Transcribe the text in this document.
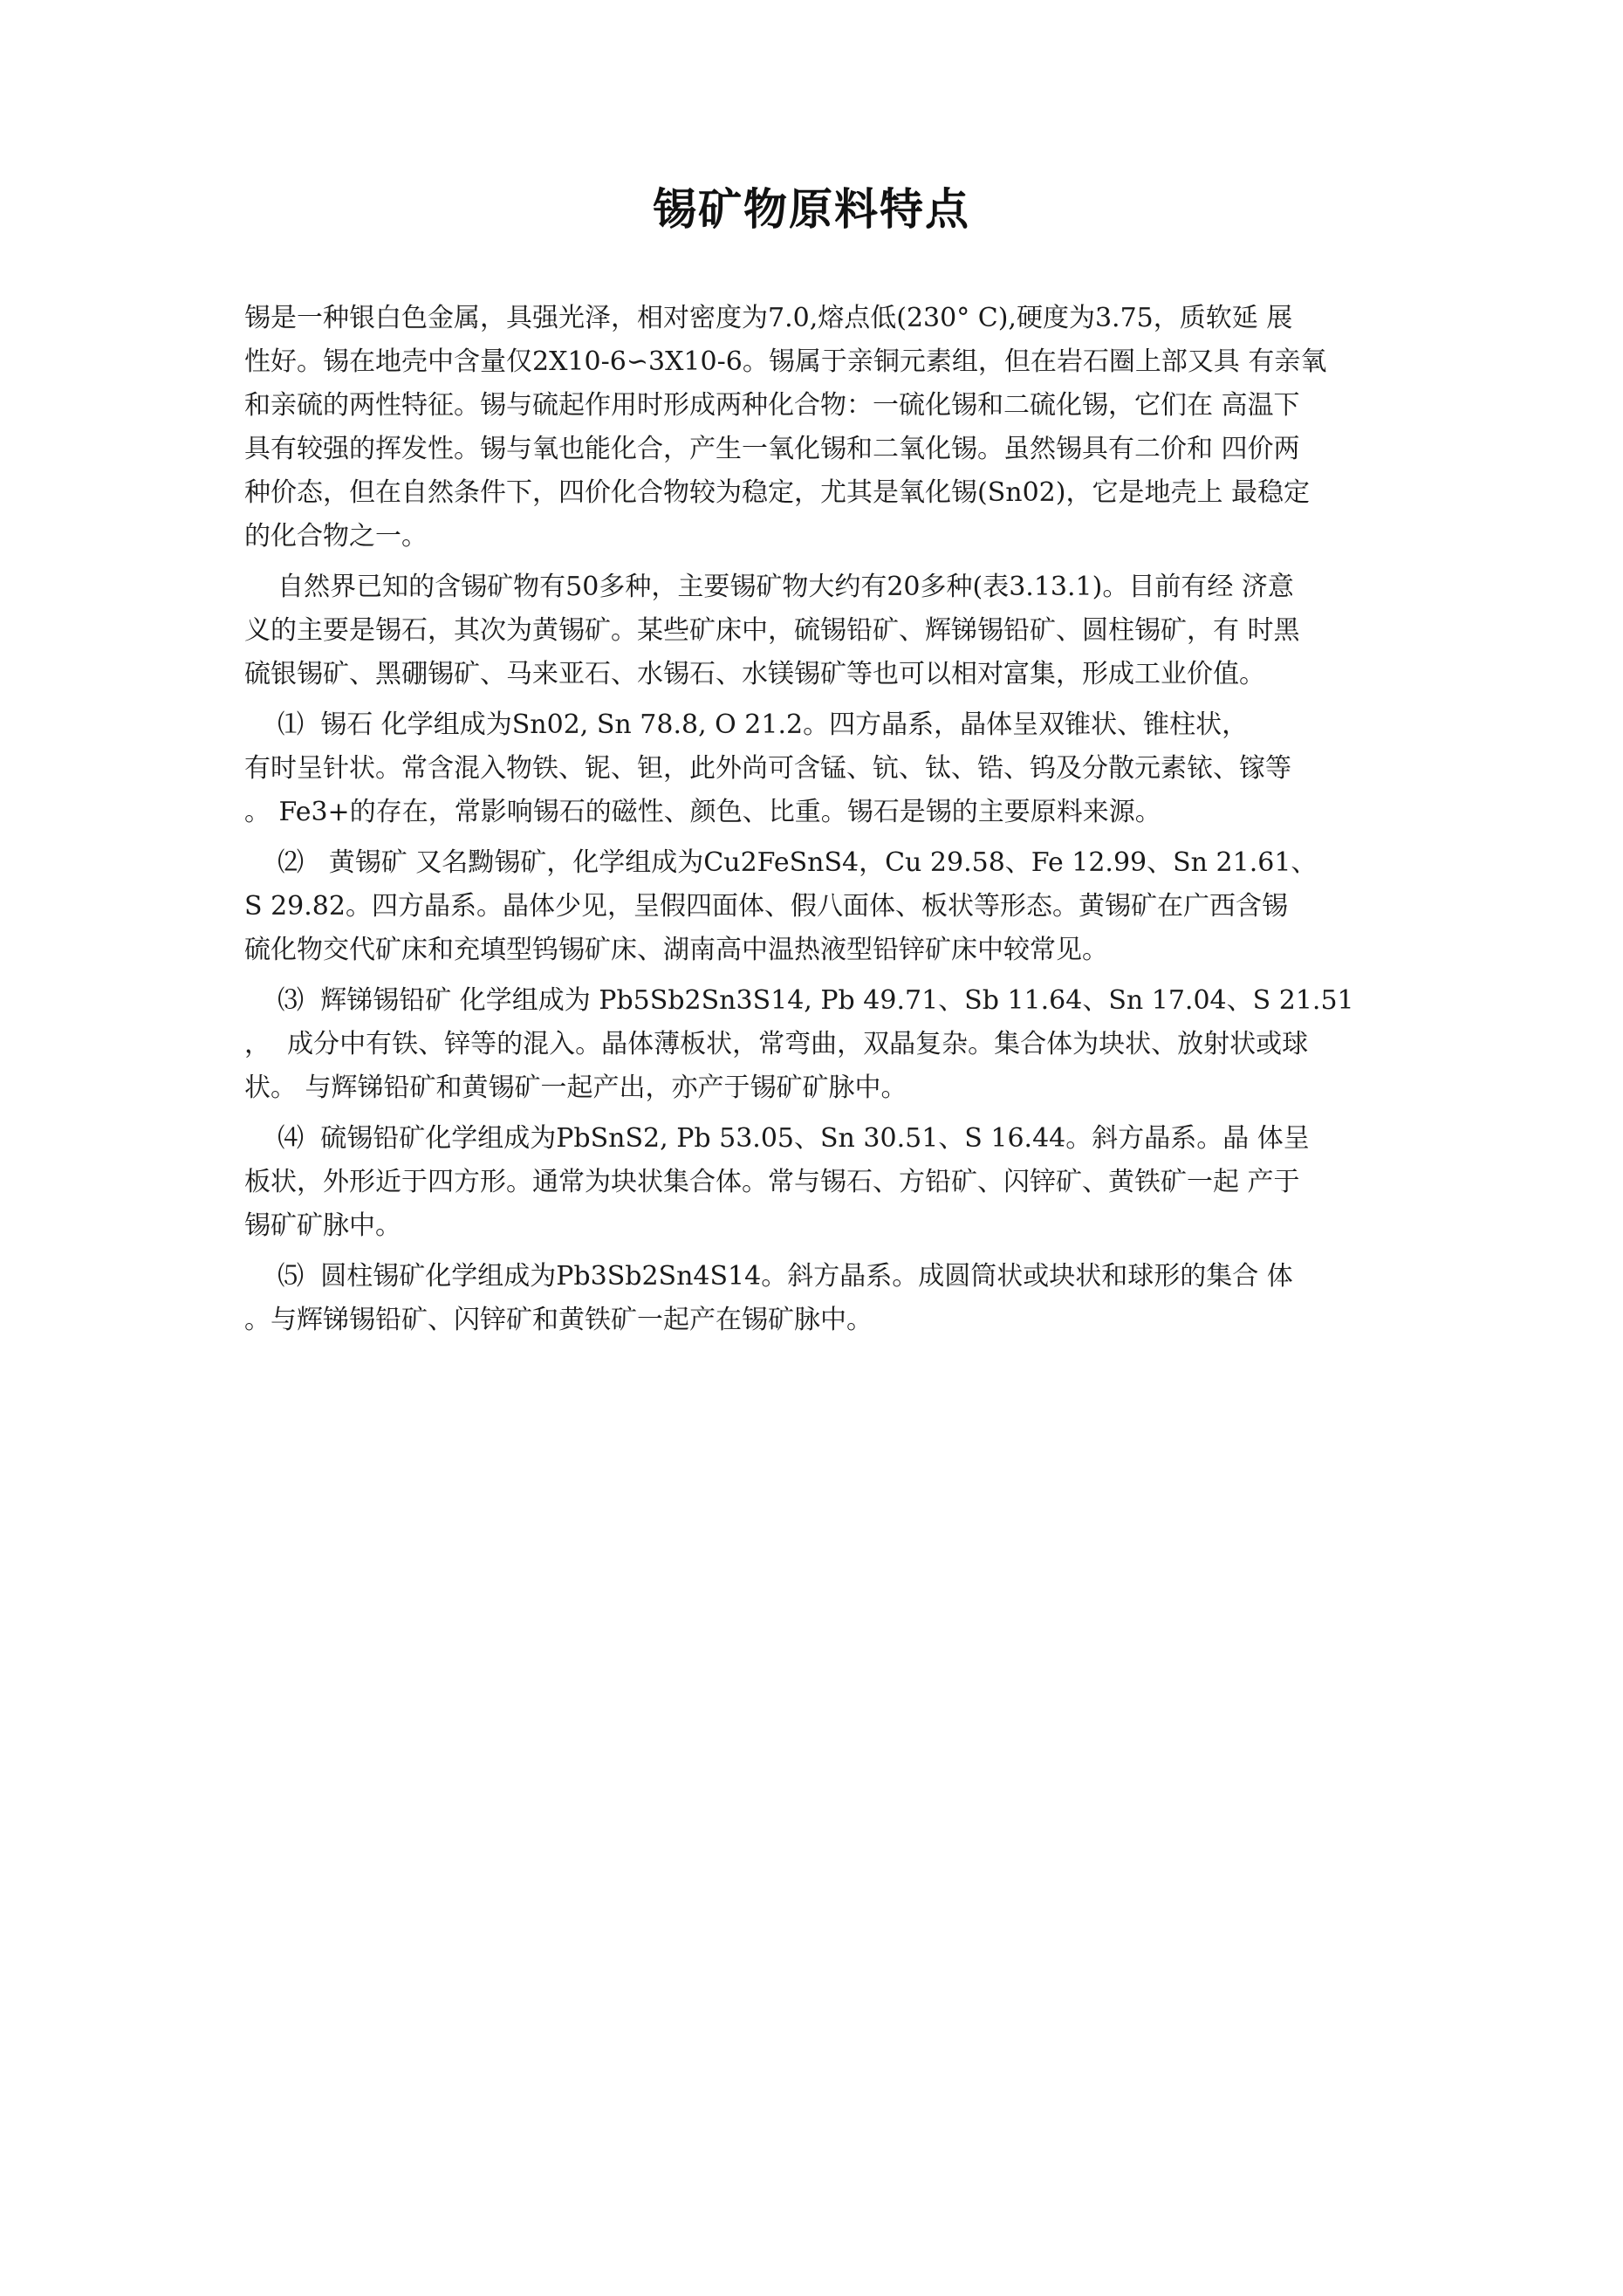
锡矿物原料特点
锡是一种银白色金属，具强光泽，相对密度为7.0,熔点低(230° C),硬度为3.75，质软延 展
性好。锡在地壳中含量仅2X10-6∽3X10-6。锡属于亲铜元素组，但在岩石圈上部又具 有亲氧
和亲硫的两性特征。锡与硫起作用时形成两种化合物：一硫化锡和二硫化锡，它们在 高温下
具有较强的挥发性。锡与氧也能化合，产生一氧化锡和二氧化锡。虽然锡具有二价和 四价两
种价态，但在自然条件下，四价化合物较为稳定，尤其是氧化锡(Sn02)，它是地壳上 最稳定
的化合物之一。
自然界已知的含锡矿物有50多种，主要锡矿物大约有20多种(表3.13.1)。目前有经 济意
义的主要是锡石，其次为黄锡矿。某些矿床中，硫锡铅矿、辉锑锡铅矿、圆柱锡矿，有 时黑
硫银锡矿、黑硼锡矿、马来亚石、水锡石、水镁锡矿等也可以相对富集，形成工业价值。
⑴  锡石 化学组成为Sn02, Sn 78.8, O 21.2。四方晶系，晶体呈双锥状、锥柱状，
有时呈针状。常含混入物铁、铌、钽，此外尚可含锰、钪、钛、锆、钨及分散元素铱、镓等
。 Fe3+的存在，常影响锡石的磁性、颜色、比重。锡石是锡的主要原料来源。
⑵   黄锡矿 又名黝锡矿，化学组成为Cu2FeSnS4，Cu 29.58、Fe 12.99、Sn 21.61、
S 29.82。四方晶系。晶体少见，呈假四面体、假八面体、板状等形态。黄锡矿在广西含锡
硫化物交代矿床和充填型钨锡矿床、湖南高中温热液型铅锌矿床中较常见。
⑶  辉锑锡铅矿 化学组成为 Pb5Sb2Sn3S14, Pb 49.71、Sb 11.64、Sn 17.04、S 21.51
，  成分中有铁、锌等的混入。晶体薄板状，常弯曲，双晶复杂。集合体为块状、放射状或球
状。 与辉锑铅矿和黄锡矿一起产出，亦产于锡矿矿脉中。
⑷  硫锡铅矿化学组成为PbSnS2, Pb 53.05、Sn 30.51、S 16.44。斜方晶系。晶 体呈
板状，外形近于四方形。通常为块状集合体。常与锡石、方铅矿、闪锌矿、黄铁矿一起 产于
锡矿矿脉中。
⑸  圆柱锡矿化学组成为Pb3Sb2Sn4S14。斜方晶系。成圆筒状或块状和球形的集合 体
。与辉锑锡铅矿、闪锌矿和黄铁矿一起产在锡矿脉中。
